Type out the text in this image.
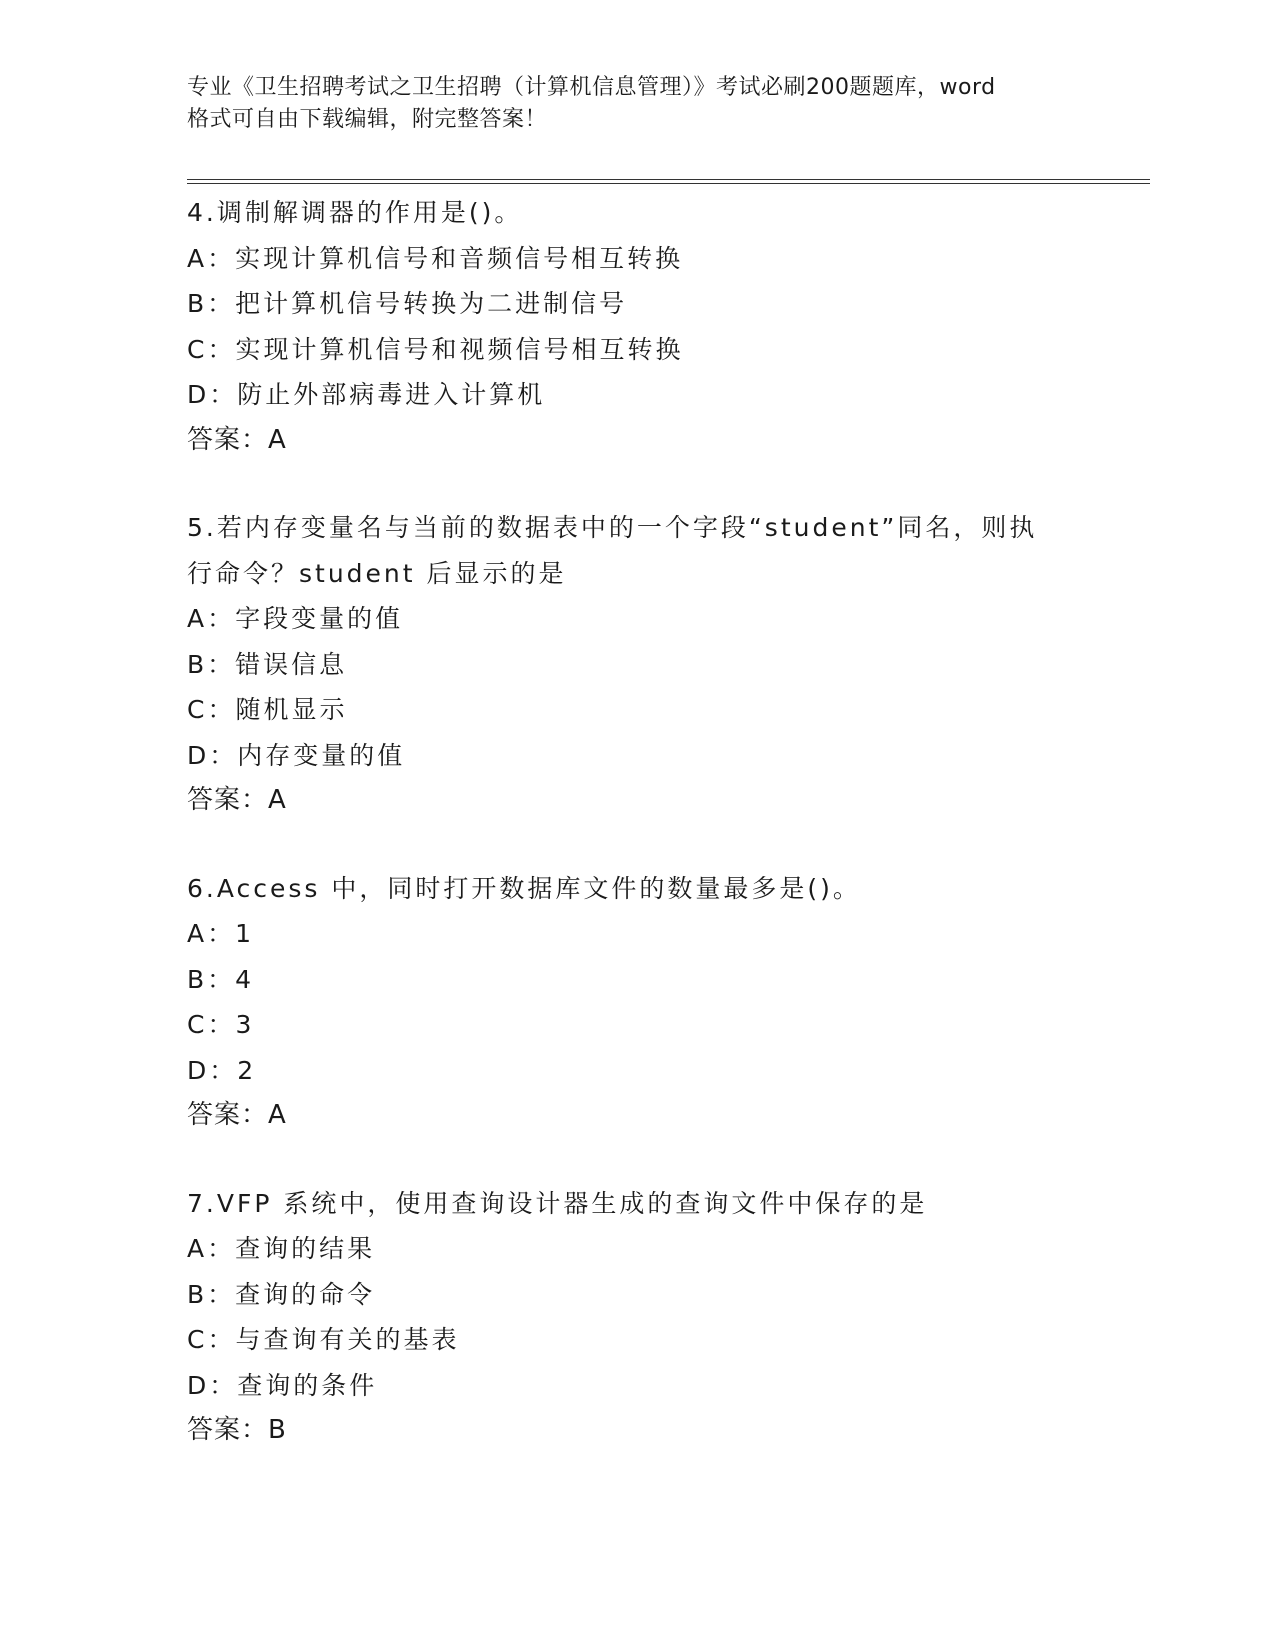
专业《卫生招聘考试之卫生招聘（计算机信息管理）》考试必刷200题题库，word
格式可自由下载编辑，附完整答案！
4.调制解调器的作用是()。
A：实现计算机信号和音频信号相互转换
B：把计算机信号转换为二进制信号
C：实现计算机信号和视频信号相互转换
D：防止外部病毒进入计算机
答案：A
5.若内存变量名与当前的数据表中的一个字段“student”同名，则执
行命令？student 后显示的是
A：字段变量的值
B：错误信息
C：随机显示
D：内存变量的值
答案：A
6.Access 中，同时打开数据库文件的数量最多是()。
A：1
B：4
C：3
D：2
答案：A
7.VFP 系统中，使用查询设计器生成的查询文件中保存的是
A：查询的结果
B：查询的命令
C：与查询有关的基表
D：查询的条件
答案：B
